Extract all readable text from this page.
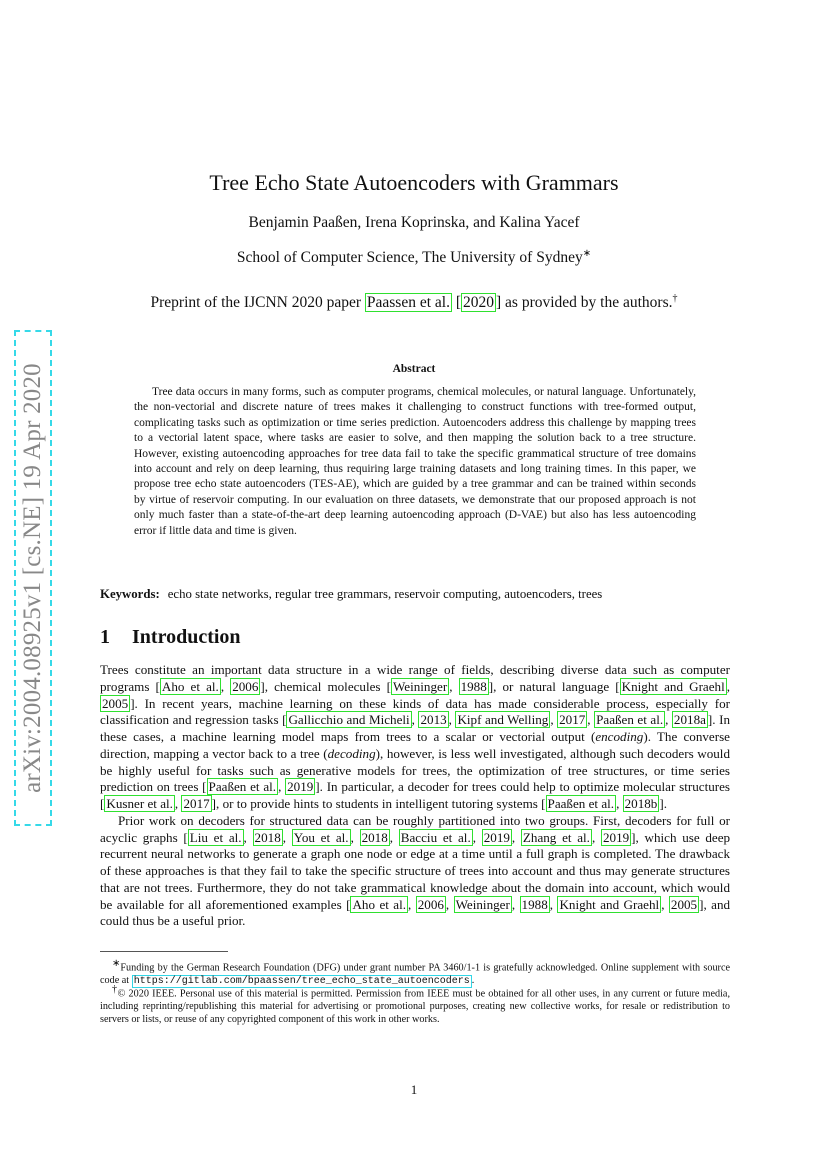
arXiv:2004.08925v1 [cs.NE] 19 Apr 2020
Tree Echo State Autoencoders with Grammars
Benjamin Paaßen, Irena Koprinska, and Kalina Yacef
School of Computer Science, The University of Sydney∗
Preprint of the IJCNN 2020 paper Paassen et al. [ 2020 ] as provided by the authors.†
Abstract
Tree data occurs in many forms, such as computer programs, chemical molecules, or natural language. Unfortunately, the non-vectorial and discrete nature of trees makes it challenging to construct functions with tree-formed output, complicating tasks such as optimization or time series prediction. Autoencoders address this challenge by mapping trees to a vectorial latent space, where tasks are easier to solve, and then mapping the solution back to a tree structure. However, existing autoencoding approaches for tree data fail to take the specific grammatical structure of tree domains into account and rely on deep learning, thus requiring large training datasets and long training times. In this paper, we propose tree echo state autoencoders (TES-AE), which are guided by a tree grammar and can be trained within seconds by virtue of reservoir computing. In our evaluation on three datasets, we demonstrate that our proposed approach is not only much faster than a state-of-the-art deep learning autoencoding approach (D-VAE) but also has less autoencoding error if little data and time is given.
Keywords: echo state networks, regular tree grammars, reservoir computing, autoencoders, trees
1 Introduction

Trees constitute an important data structure in a wide range of fields, describing diverse data such as computer programs [ Aho et al. , 2006 ], chemical molecules [ Weininger , 1988 ], or natural language [ Knight and Graehl , 2005 ]. In recent years, machine learning on these kinds of data has made considerable process, especially for classification and regression tasks [ Gallicchio and Micheli , 2013 , Kipf and Welling , 2017 , Paaßen et al. , 2018a ]. In these cases, a machine learning model maps from trees to a scalar or vectorial output (encoding). The converse direction, mapping a vector back to a tree (decoding), however, is less well investigated, although such decoders would be highly useful for tasks such as generative models for trees, the optimization of tree structures, or time series prediction on trees [ Paaßen et al. , 2019 ]. In particular, a decoder for trees could help to optimize molecular structures [ Kusner et al. , 2017 ], or to provide hints to students in intelligent tutoring systems [ Paaßen et al. , 2018b ].

Prior work on decoders for structured data can be roughly partitioned into two groups. First, decoders for full or acyclic graphs [ Liu et al. , 2018 , You et al. , 2018 , Bacciu et al. , 2019 , Zhang et al. , 2019 ], which use deep recurrent neural networks to generate a graph one node or edge at a time until a full graph is completed. The drawback of these approaches is that they fail to take the specific structure of trees into account and thus may generate structures that are not trees. Furthermore, they do not take grammatical knowledge about the domain into account, which would be available for all aforementioned examples [ Aho et al. , 2006 , Weininger , 1988 , Knight and Graehl , 2005 ], and could thus be a useful prior.

∗Funding by the German Research Foundation (DFG) under grant number PA 3460/1-1 is gratefully acknowledged. Online supplement with source code at https://gitlab.com/bpaassen/tree_echo_state_autoencoders .
†© 2020 IEEE. Personal use of this material is permitted. Permission from IEEE must be obtained for all other uses, in any current or future media, including reprinting/republishing this material for advertising or promotional purposes, creating new collective works, for resale or redistribution to servers or lists, or reuse of any copyrighted component of this work in other works.
1
